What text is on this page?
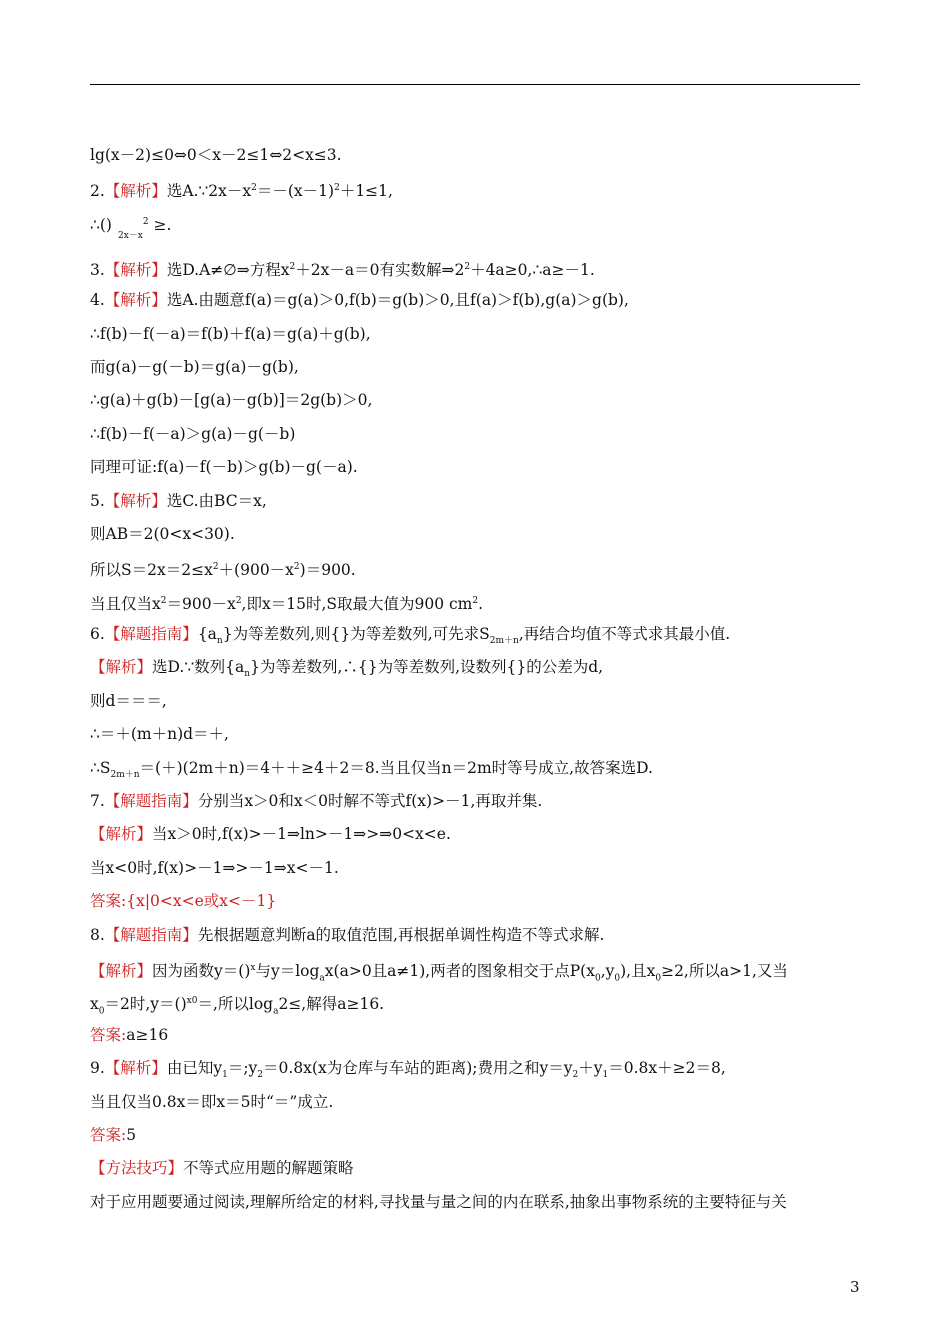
lg(x－2)≤0⇔0＜x－2≤1⇔2<x≤3.
2.【解析】选$A.\because 2x-x^2=-(x-1)^2+1\le 1$,
$\therefore()_{2x-x}^2$ ≥.
3.【解析】选D.A≠∅⇒方程$x^2+2x-a=0$有实数解$\Rightarrow 2^2+4a\ge 0,\therefore a\ge-1$.
4.【解析】选A.由题意f(a)＝g(a)＞0,f(b)＝g(b)＞0,且f(a)＞f(b),g(a)＞g(b),
∴f(b)－f(－a)＝f(b)＋f(a)＝g(a)＋g(b),
而g(a)－g(－b)＝g(a)－g(b),
∴g(a)＋g(b)－[g(a)－g(b)]＝2g(b)＞0,
∴f(b)－f(－a)＞g(a)－g(－b)
同理可证:f(a)－f(－b)＞g(b)－g(－a).
5.【解析】选C.由BC＝x,
则AB＝2(0<x<30).
所以$S=2x=2\le x^2+(900-x^2)=900$.
当且仅当$x^2=900-x^2$,即x＝15时,S取最大值为900 $cm^2$.
6.【解题指南】$\{a_n\}$为等差数列,则{}为等差数列,可先求$S_{2m+n}$,再结合均值不等式求其最小值.
【解析】选D.∵数列$\{a_n\}$为等差数列,∴{}为等差数列,设数列{}的公差为d,
则d＝＝＝,
∴＝＋(m＋n)d＝＋,
$\therefore S_{2m+n}=(+)(2m+n)=4++\ge 4+2=8$.当且仅当n＝2m时等号成立,故答案选D.
7.【解题指南】分别当x＞0和x＜0时解不等式f(x)>－1,再取并集.
【解析】当x＞0时,f(x)>－1⇒ln>－1⇒>⇒0<x<e.
当x<0时,f(x)>－1⇒>－1⇒x<－1.
答案:{x|0<x<e或x<－1}
8.【解题指南】先根据题意判断a的取值范围,再根据单调性构造不等式求解.
【解析】因为函数y＝()$^x$与$y=\log_ax(a>0$且a≠1),两者的图象相交于点$P(x_0,y_0)$,且$x_0\ge 2$,所以a>1,又当
$x_0=2$时,y＝()$^{x0}$＝,所以$\log_a2\le$,解得a≥16.
答案:a≥16
9.【解析】由已知$y_1=;y_2=0.8x(x$为仓库与车站的距离);费用之和$y=y_2+y_1=0.8x+\ge 2=8$,
当且仅当0.8x＝即x＝5时“＝”成立.
答案:5
【方法技巧】不等式应用题的解题策略
对于应用题要通过阅读,理解所给定的材料,寻找量与量之间的内在联系,抽象出事物系统的主要特征与关
3
